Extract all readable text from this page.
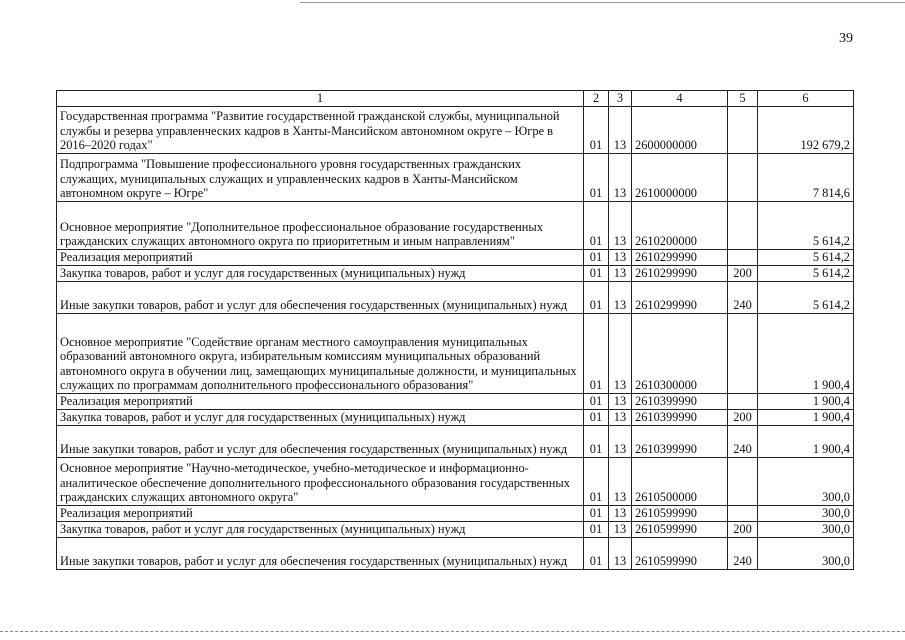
39
1	2	3	4	5	6
Государственная программа "Развитие государственной гражданской службы, муниципальной службы и резерва управленческих кадров в Ханты-Мансийском автономном округе – Югре в 2016–2020 годах"	01	13	2600000000		192 679,2
Подпрограмма "Повышение профессионального уровня государственных гражданских служащих, муниципальных служащих и управленческих кадров в Ханты-Мансийском автономном округе – Югре"	01	13	2610000000		7 814,6
Основное мероприятие "Дополнительное профессиональное образование государственных гражданских служащих автономного округа по приоритетным и иным направлениям"	01	13	2610200000		5 614,2
Реализация мероприятий	01	13	2610299990		5 614,2
Закупка товаров, работ и услуг для государственных (муниципальных) нужд	01	13	2610299990	200	5 614,2
Иные закупки товаров, работ и услуг для обеспечения государственных (муниципальных) нужд	01	13	2610299990	240	5 614,2
Основное мероприятие "Содействие органам местного самоуправления муниципальных образований автономного округа, избирательным комиссиям муниципальных образований автономного округа в обучении лиц, замещающих муниципальные должности, и муниципальных служащих по программам дополнительного профессионального образования"	01	13	2610300000		1 900,4
Реализация мероприятий	01	13	2610399990		1 900,4
Закупка товаров, работ и услуг для государственных (муниципальных) нужд	01	13	2610399990	200	1 900,4
Иные закупки товаров, работ и услуг для обеспечения государственных (муниципальных) нужд	01	13	2610399990	240	1 900,4
Основное мероприятие "Научно-методическое, учебно-методическое и информационно-аналитическое обеспечение дополнительного профессионального образования государственных гражданских служащих автономного округа"	01	13	2610500000		300,0
Реализация мероприятий	01	13	2610599990		300,0
Закупка товаров, работ и услуг для государственных (муниципальных) нужд	01	13	2610599990	200	300,0
Иные закупки товаров, работ и услуг для обеспечения государственных (муниципальных) нужд	01	13	2610599990	240	300,0
